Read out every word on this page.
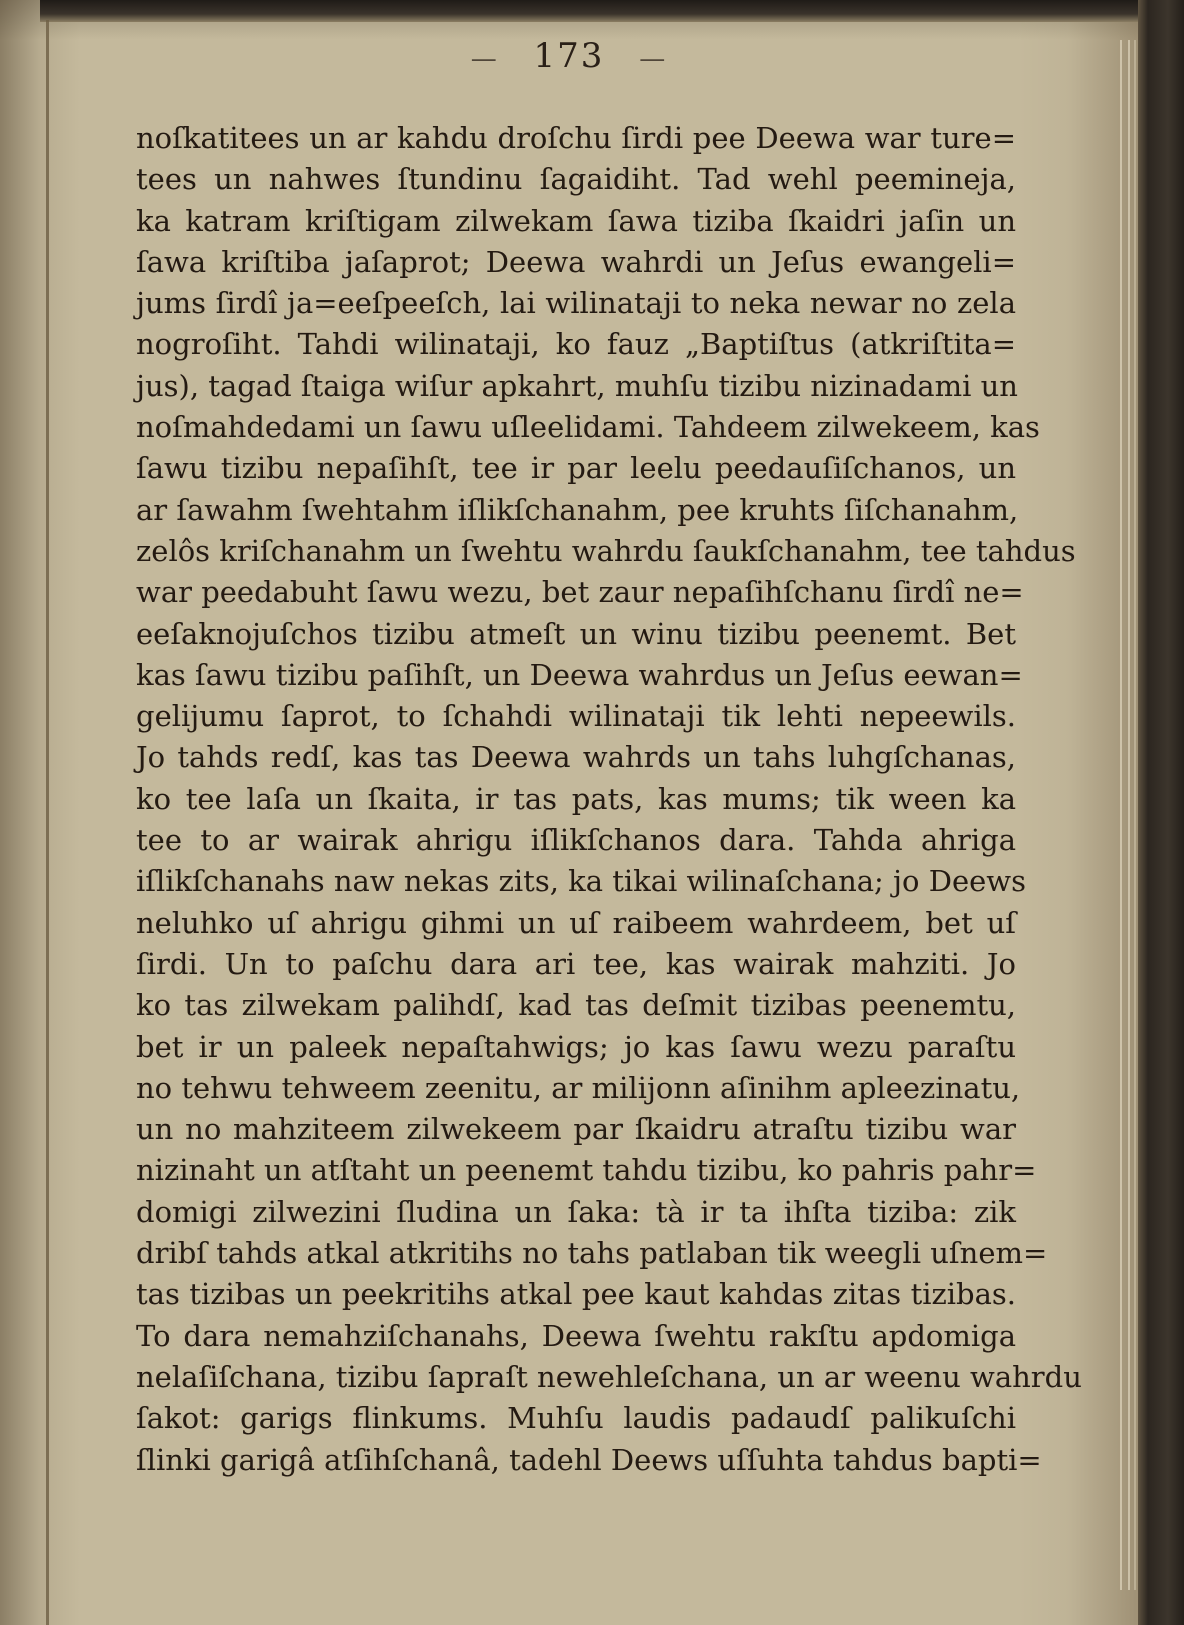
— 173 —
noſkatitees un ar kahdu droſchu ſirdi pee Deewa war ture=
tees un nahwes ſtundinu ſagaidiht. Tad wehl peemineja,
ka katram kriſtigam zilwekam ſawa tiziba ſkaidri jaſin un
ſawa kriſtiba jaſaprot; Deewa wahrdi un Jeſus ewangeli=
jums ſirdî ja=eeſpeeſch, lai wilinataji to neka newar no zela
nogroſiht. Tahdi wilinataji, ko fauz „Baptiſtus (atkriſtita=
jus), tagad ſtaiga wiſur apkahrt, muhſu tizibu nizinadami un
noſmahdedami un ſawu uſleelidami. Tahdeem zilwekeem, kas
ſawu tizibu nepaſihſt, tee ir par leelu peedauſiſchanos, un
ar ſawahm ſwehtahm iſlikſchanahm, pee kruhts ſiſchanahm,
zelôs kriſchanahm un ſwehtu wahrdu ſaukſchanahm, tee tahdus
war peedabuht ſawu wezu, bet zaur nepaſihſchanu ſirdî ne=
eeſaknojuſchos tizibu atmeſt un winu tizibu peenemt. Bet
kas ſawu tizibu paſihſt, un Deewa wahrdus un Jeſus eewan=
gelijumu ſaprot, to ſchahdi wilinataji tik lehti nepeewils.
Jo tahds redſ, kas tas Deewa wahrds un tahs luhgſchanas,
ko tee laſa un ſkaita, ir tas pats, kas mums; tik ween ka
tee to ar wairak ahrigu iſlikſchanos dara. Tahda ahriga
iſlikſchanahs naw nekas zits, ka tikai wilinaſchana; jo Deews
neluhko uſ ahrigu gihmi un uſ raibeem wahrdeem, bet uſ
ſirdi. Un to paſchu dara ari tee, kas wairak mahziti. Jo
ko tas zilwekam palihdſ, kad tas deſmit tizibas peenemtu,
bet ir un paleek nepaſtahwigs; jo kas ſawu wezu paraſtu
no tehwu tehweem zeenitu, ar milijonn aſinihm apleezinatu,
un no mahziteem zilwekeem par ſkaidru atraſtu tizibu war
nizinaht un atſtaht un peenemt tahdu tizibu, ko pahris pahr=
domigi zilwezini ſludina un ſaka: tà ir ta ihſta tiziba: zik
dribſ tahds atkal atkritihs no tahs patlaban tik weegli uſnem=
tas tizibas un peekritihs atkal pee kaut kahdas zitas tizibas.
To dara nemahziſchanahs, Deewa ſwehtu rakſtu apdomiga
nelaſiſchana, tizibu ſapraſt newehleſchana, un ar weenu wahrdu
ſakot: garigs flinkums. Muhſu laudis padaudſ palikuſchi
ſlinki garigâ atſihſchanâ, tadehl Deews uſſuhta tahdus bapti=
